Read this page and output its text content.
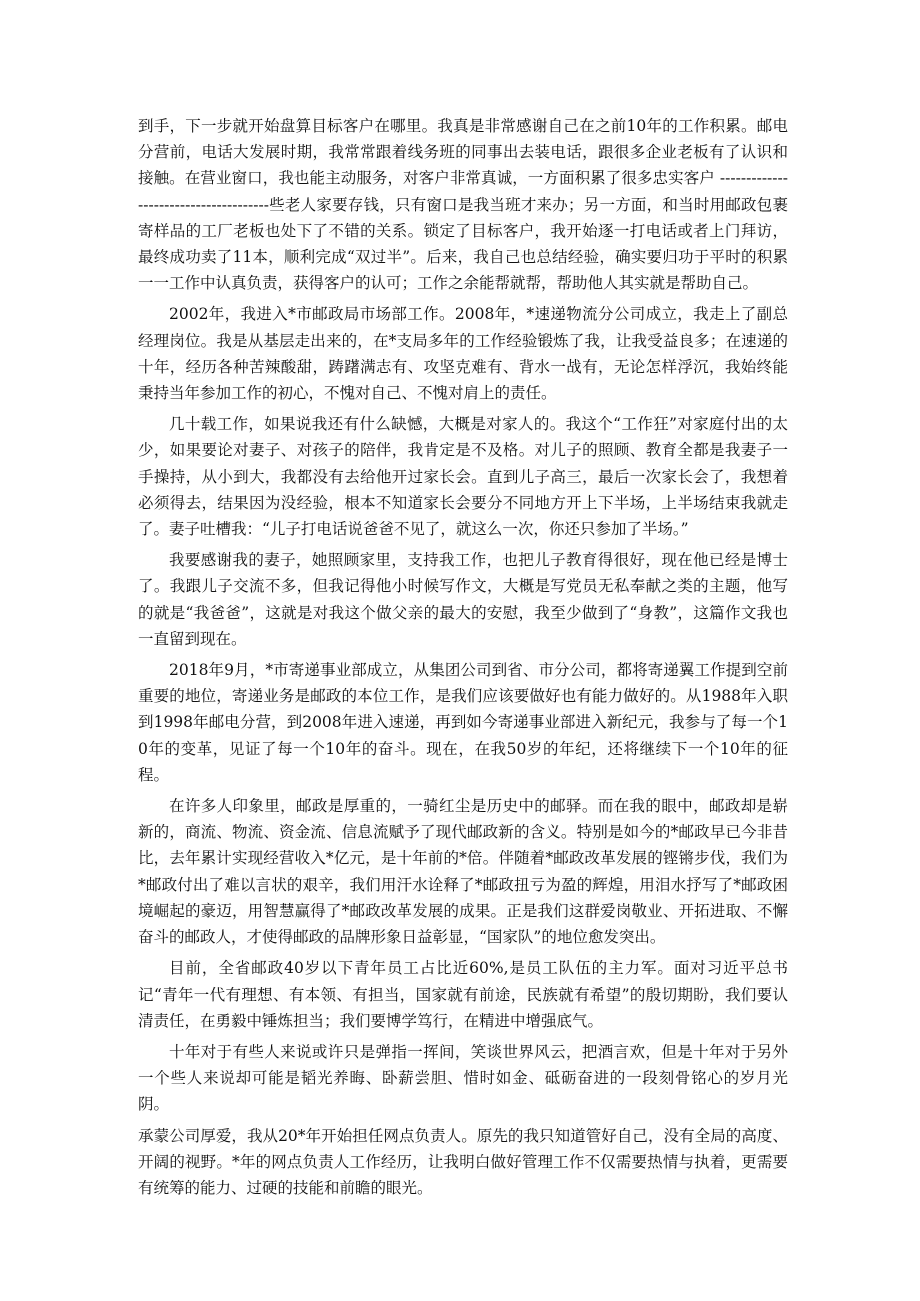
到手，下一步就开始盘算目标客户在哪里。我真是非常感谢自己在之前10年的工作积累。邮电分营前，电话大发展时期，我常常跟着线务班的同事出去装电话，跟很多企业老板有了认识和接触。在营业窗口，我也能主动服务，对客户非常真诚，一方面积累了很多忠实客户 --------------------------------------些老人家要存钱，只有窗口是我当班才来办；另一方面，和当时用邮政包裹寄样品的工厂老板也处下了不错的关系。锁定了目标客户，我开始逐一打电话或者上门拜访，最终成功卖了11本，顺利完成“双过半”。后来，我自己也总结经验，确实要归功于平时的积累一一工作中认真负责，获得客户的认可；工作之余能帮就帮，帮助他人其实就是帮助自己。

2002年，我进入*市邮政局市场部工作。2008年，*速递物流分公司成立，我走上了副总经理岗位。我是从基层走出来的，在*支局多年的工作经验锻炼了我，让我受益良多；在速递的十年，经历各种苦辣酸甜，踌躇满志有、攻坚克难有、背水一战有，无论怎样浮沉，我始终能秉持当年参加工作的初心，不愧对自己、不愧对肩上的责任。

几十载工作，如果说我还有什么缺憾，大概是对家人的。我这个“工作狂”对家庭付出的太少，如果要论对妻子、对孩子的陪伴，我肯定是不及格。对儿子的照顾、教育全都是我妻子一手操持，从小到大，我都没有去给他开过家长会。直到儿子高三，最后一次家长会了，我想着必须得去，结果因为没经验，根本不知道家长会要分不同地方开上下半场，上半场结束我就走了。妻子吐槽我：“儿子打电话说爸爸不见了，就这么一次，你还只参加了半场。”

我要感谢我的妻子，她照顾家里，支持我工作，也把儿子教育得很好，现在他已经是博士了。我跟儿子交流不多，但我记得他小时候写作文，大概是写党员无私奉献之类的主题，他写的就是“我爸爸”，这就是对我这个做父亲的最大的安慰，我至少做到了“身教”，这篇作文我也一直留到现在。

2018年9月，*市寄递事业部成立，从集团公司到省、市分公司，都将寄递翼工作提到空前重要的地位，寄递业务是邮政的本位工作，是我们应该要做好也有能力做好的。从1988年入职到1998年邮电分营，到2008年进入速递，再到如今寄递事业部进入新纪元，我参与了每一个10年的变革，见证了每一个10年的奋斗。现在，在我50岁的年纪，还将继续下一个10年的征程。

在许多人印象里，邮政是厚重的，一骑红尘是历史中的邮驿。而在我的眼中，邮政却是崭新的，商流、物流、资金流、信息流赋予了现代邮政新的含义。特别是如今的*邮政早已今非昔比，去年累计实现经营收入*亿元，是十年前的*倍。伴随着*邮政改革发展的铿锵步伐，我们为*邮政付出了难以言状的艰辛，我们用汗水诠释了*邮政扭亏为盈的辉煌，用泪水抒写了*邮政困境崛起的豪迈，用智慧赢得了*邮政改革发展的成果。正是我们这群爱岗敬业、开拓进取、不懈奋斗的邮政人，才使得邮政的品牌形象日益彰显，“国家队”的地位愈发突出。

目前，全省邮政40岁以下青年员工占比近60%,是员工队伍的主力军。面对习近平总书记“青年一代有理想、有本领、有担当，国家就有前途，民族就有希望”的殷切期盼，我们要认清责任，在勇毅中锤炼担当；我们要博学笃行，在精进中增强底气。

十年对于有些人来说或许只是弹指一挥间，笑谈世界风云，把酒言欢，但是十年对于另外一个些人来说却可能是韬光养晦、卧薪尝胆、惜时如金、砥砺奋进的一段刻骨铭心的岁月光阴。

承蒙公司厚爱，我从20*年开始担任网点负责人。原先的我只知道管好自己，没有全局的高度、开阔的视野。*年的网点负责人工作经历，让我明白做好管理工作不仅需要热情与执着，更需要有统筹的能力、过硬的技能和前瞻的眼光。
